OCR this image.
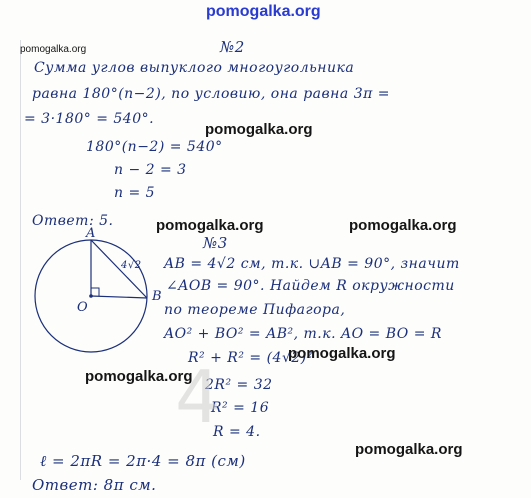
pomogalka.org
pomogalka.org	№2
Сумма углов выпуклого многоугольника
равна 180°(n−2), по условию, она равна 3π =
= 3·180° = 540°.
180°(n−2) = 540°
n − 2 = 3
n = 5
Ответ: 5.
A
B
O
4√2
№3
AB = 4√2 см, т.к. ∪AB = 90°, значит
∠AOB = 90°. Найдем R окружности
по теореме Пифагора,
AO² + BO² = AB², т.к. AO = BO = R
R² + R² = (4√2)²
2R² = 32
R² = 16
R = 4.
ℓ = 2πR = 2π·4 = 8π (см)
Ответ: 8π см.
4
pomogalka.org
pomogalka.org	pomogalka.org
pomogalka.org
pomogalka.org
pomogalka.org
